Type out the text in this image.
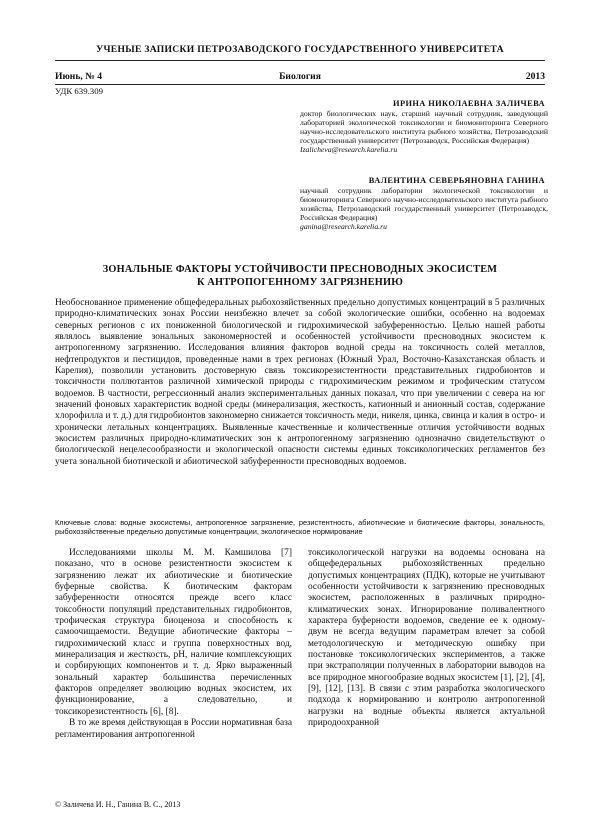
УЧЕНЫЕ ЗАПИСКИ ПЕТРОЗАВОДСКОГО ГОСУДАРСТВЕННОГО УНИВЕРСИТЕТА
Июнь, № 4	Биология	2013
УДК 639.309
ИРИНА НИКОЛАЕВНА ЗАЛИЧЕВА
доктор биологических наук, старший научный сотрудник, заведующий лабораторией экологической токсикологии и биомониторинга Северного научно-исследовательского института рыбного хозяйства, Петрозаводский государственный университет (Петрозаводск, Российская Федерация)
Izalicheva@research.karelia.ru
ВАЛЕНТИНА СЕВЕРЬЯНОВНА ГАНИНА
научный сотрудник лаборатории экологической токсикологии и биомониторинга Северного научно-исследовательского института рыбного хозяйства, Петрозаводский государственный университет (Петрозаводск, Российская Федерация)
ganina@research.karelia.ru
ЗОНАЛЬНЫЕ ФАКТОРЫ УСТОЙЧИВОСТИ ПРЕСНОВОДНЫХ ЭКОСИСТЕМ
К АНТРОПОГЕННОМУ ЗАГРЯЗНЕНИЮ
Необоснованное применение общефедеральных рыбохозяйственных предельно допустимых концентраций в 5 различных природно-климатических зонах России неизбежно влечет за собой экологические ошибки, особенно на водоемах северных регионов с их пониженной биологической и гидрохимической забуференностью. Целью нашей работы являлось выявление зональных закономерностей и особенностей устойчивости пресноводных экосистем к антропогенному загрязнению. Исследования влияния факторов водной среды на токсичность солей металлов, нефтепродуктов и пестицидов, проведенные нами в трех регионах (Южный Урал, Восточно-Казахстанская область и Карелия), позволили установить достоверную связь токсикорезистентности представительных гидробионтов и токсичности поллютантов различной химической природы с гидрохимическим режимом и трофическим статусом водоемов. В частности, регрессионный анализ экспериментальных данных показал, что при увеличении с севера на юг значений фоновых характеристик водной среды (минерализация, жесткость, катионный и анионный состав, содержание хлорофилла и т. д.) для гидробионтов закономерно снижается токсичность меди, никеля, цинка, свинца и калия в остро- и хронически летальных концентрациях. Выявленные качественные и количественные отличия устойчивости водных экосистем различных природно-климатических зон к антропогенному загрязнению однозначно свидетельствуют о биологической нецелесообразности и экологической опасности системы единых токсикологических регламентов без учета зональной биотической и абиотической забуференности пресноводных водоемов.
Ключевые слова: водные экосистемы, антропогенное загрязнение, резистентность, абиотические и биотические факторы, зональность, рыбохозяйственные предельно допустимые концентрации, экологическое нормирование

Исследованиями школы М. М. Камшилова [7] показано, что в основе резистентности экосистем к загрязнению лежат их абиотические и биотические буферные свойства. К биотическим факторам забуференности относятся прежде всего класс токсобности популяций представительных гидробионтов, трофическая структура биоценоза и способность к самоочищаемости. Ведущие абиотические факторы – гидрохимический класс и группа поверхностных вод, минерализация и жесткость, pH, наличие комплексующих и сорбирующих компонентов и т. д. Ярко выраженный зональный характер большинства перечисленных факторов определяет эволюцию водных экосистем, их функционирование, а следовательно, и токсикорезистентность [6], [8].

В то же время действующая в России нормативная база регламентирования антропогенной

токсикологической нагрузки на водоемы основана на общефедеральных рыбохозяйственных предельно допустимых концентрациях (ПДК), которые не учитывают особенности устойчивости к загрязнению пресноводных экосистем, расположенных в различных природно-климатических зонах. Игнорирование поливалентного характера буферности водоемов, сведение ее к одному-двум не всегда ведущим параметрам влечет за собой методологическую и методическую ошибку при постановке токсикологических экспериментов, а также при экстраполяции полученных в лаборатории выводов на все природное многообразие водных экосистем [1], [2], [4], [9], [12], [13]. В связи с этим разработка экологического подхода к нормированию и контролю антропогенной нагрузки на водные объекты является актуальной природоохранной

© Заличева И. Н., Ганина В. С., 2013
